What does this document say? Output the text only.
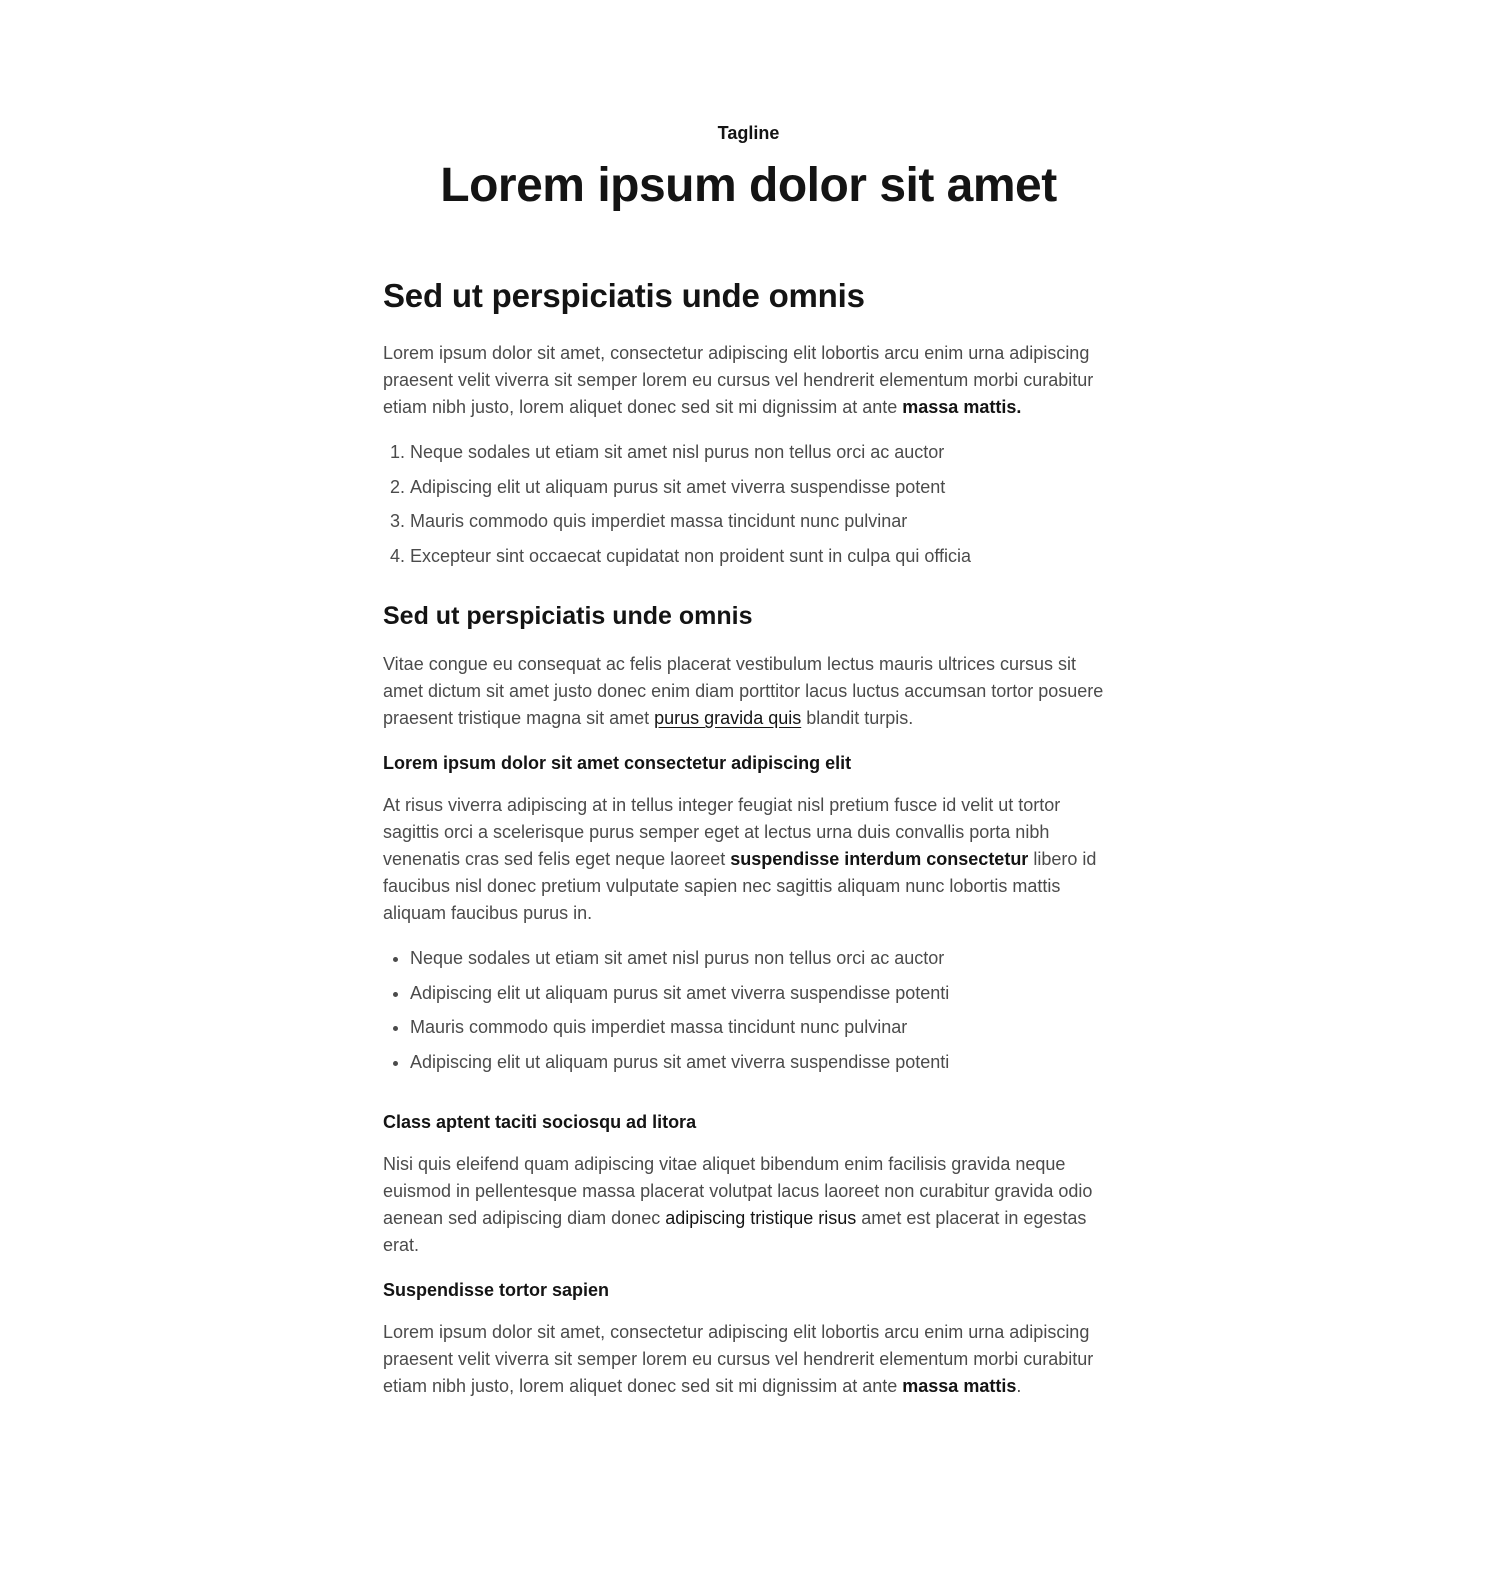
Tagline

Lorem ipsum dolor sit amet
Sed ut perspiciatis unde omnis

Lorem ipsum dolor sit amet, consectetur adipiscing elit lobortis arcu enim urna adipiscing praesent velit viverra sit semper lorem eu cursus vel hendrerit elementum morbi curabitur etiam nibh justo, lorem aliquet donec sed sit mi dignissim at ante massa mattis.

1. Neque sodales ut etiam sit amet nisl purus non tellus orci ac auctor
2. Adipiscing elit ut aliquam purus sit amet viverra suspendisse potent
3. Mauris commodo quis imperdiet massa tincidunt nunc pulvinar
4. Excepteur sint occaecat cupidatat non proident sunt in culpa qui officia
Sed ut perspiciatis unde omnis

Vitae congue eu consequat ac felis placerat vestibulum lectus mauris ultrices cursus sit amet dictum sit amet justo donec enim diam porttitor lacus luctus accumsan tortor posuere praesent tristique magna sit amet purus gravida quis blandit turpis.

Lorem ipsum dolor sit amet consectetur adipiscing elit

At risus viverra adipiscing at in tellus integer feugiat nisl pretium fusce id velit ut tortor sagittis orci a scelerisque purus semper eget at lectus urna duis convallis porta nibh venenatis cras sed felis eget neque laoreet suspendisse interdum consectetur libero id faucibus nisl donec pretium vulputate sapien nec sagittis aliquam nunc lobortis mattis aliquam faucibus purus in.

• Neque sodales ut etiam sit amet nisl purus non tellus orci ac auctor
• Adipiscing elit ut aliquam purus sit amet viverra suspendisse potenti
• Mauris commodo quis imperdiet massa tincidunt nunc pulvinar
• Adipiscing elit ut aliquam purus sit amet viverra suspendisse potenti
Class aptent taciti sociosqu ad litora

Nisi quis eleifend quam adipiscing vitae aliquet bibendum enim facilisis gravida neque euismod in pellentesque massa placerat volutpat lacus laoreet non curabitur gravida odio aenean sed adipiscing diam donec adipiscing tristique risus amet est placerat in egestas erat.

Suspendisse tortor sapien

Lorem ipsum dolor sit amet, consectetur adipiscing elit lobortis arcu enim urna adipiscing praesent velit viverra sit semper lorem eu cursus vel hendrerit elementum morbi curabitur etiam nibh justo, lorem aliquet donec sed sit mi dignissim at ante massa mattis.
